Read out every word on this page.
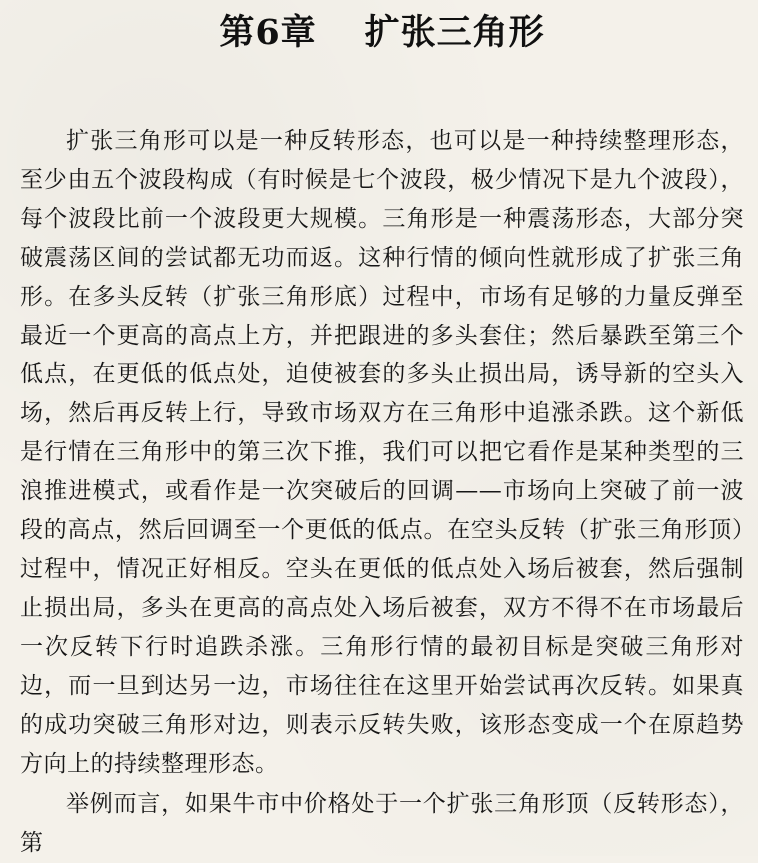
第6章 扩张三角形

扩张三角形可以是一种反转形态，也可以是一种持续整理形态，至少由五个波段构成（有时候是七个波段，极少情况下是九个波段），每个波段比前一个波段更大规模。三角形是一种震荡形态，大部分突破震荡区间的尝试都无功而返。这种行情的倾向性就形成了扩张三角形。在多头反转（扩张三角形底）过程中，市场有足够的力量反弹至最近一个更高的高点上方，并把跟进的多头套住；然后暴跌至第三个低点，在更低的低点处，迫使被套的多头止损出局，诱导新的空头入场，然后再反转上行，导致市场双方在三角形中追涨杀跌。这个新低是行情在三角形中的第三次下推，我们可以把它看作是某种类型的三浪推进模式，或看作是一次突破后的回调——市场向上突破了前一波段的高点，然后回调至一个更低的低点。在空头反转（扩张三角形顶）过程中，情况正好相反。空头在更低的低点处入场后被套，然后强制止损出局，多头在更高的高点处入场后被套，双方不得不在市场最后一次反转下行时追跌杀涨。三角形行情的最初目标是突破三角形对边，而一旦到达另一边，市场往往在这里开始尝试再次反转。如果真的成功突破三角形对边，则表示反转失败，该形态变成一个在原趋势方向上的持续整理形态。

举例而言，如果牛市中价格处于一个扩张三角形顶（反转形态），第
